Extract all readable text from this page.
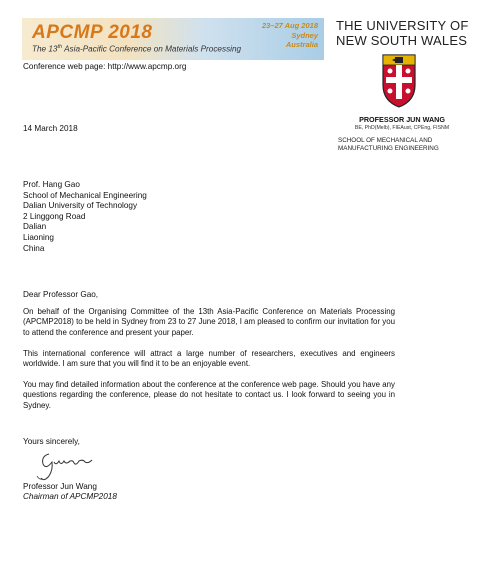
APCMP 2018
The 13th Asia-Pacific Conference on Materials Processing
23–27 Aug 2018
Sydney
Australia
Conference web page: http://www.apcmp.org
THE UNIVERSITY OF
NEW SOUTH WALES
PROFESSOR JUN WANG
BE, PhD(Melb), FIEAust, CPEng, FISNM
SCHOOL OF MECHANICAL AND
MANUFACTURING ENGINEERING
14 March 2018
Prof. Hang Gao
School of Mechanical Engineering
Dalian University of Technology
2 Linggong Road
Dalian
Liaoning
China
Dear Professor Gao,

On behalf of the Organising Committee of the 13th Asia-Pacific Conference on Materials Processing (APCMP2018) to be held in Sydney from 23 to 27 June 2018, I am pleased to confirm our invitation for you to attend the conference and present your paper.

This international conference will attract a large number of researchers, executives and engineers worldwide. I am sure that you will find it to be an enjoyable event.

You may find detailed information about the conference at the conference web page. Should you have any questions regarding the conference, please do not hesitate to contact us. I look forward to seeing you in Sydney.

Yours sincerely,
Professor Jun Wang
Chairman of APCMP2018
